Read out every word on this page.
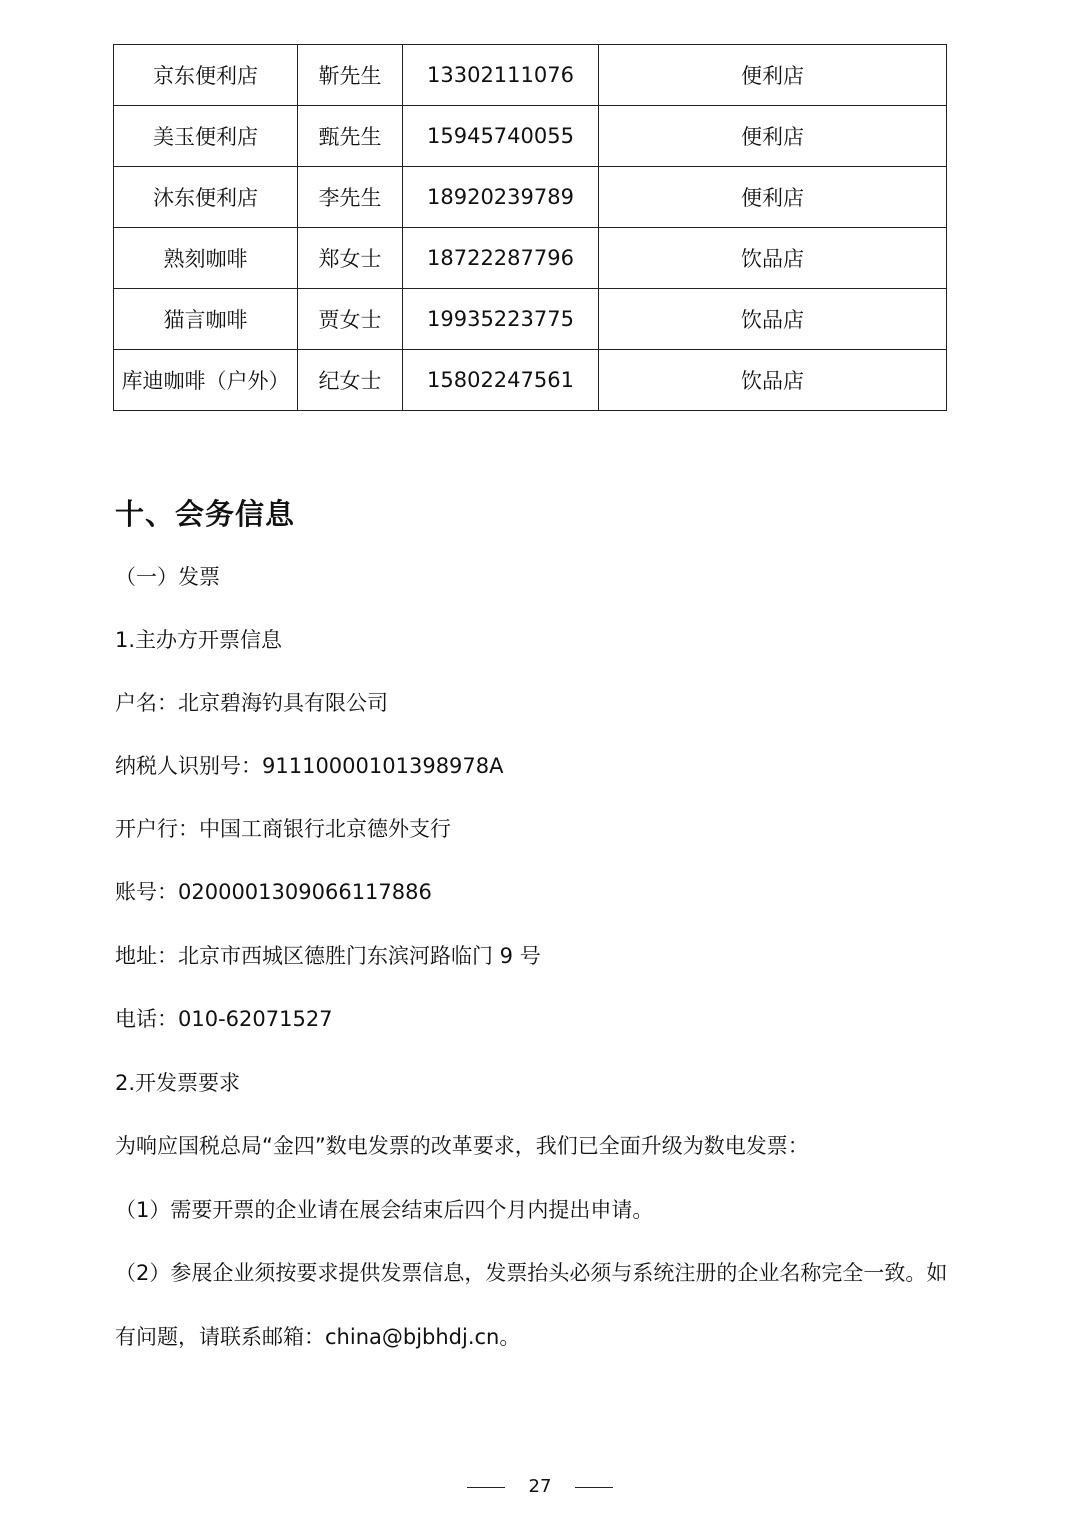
京东便利店	靳先生	13302111076	便利店
美玉便利店	甄先生	15945740055	便利店
沐东便利店	李先生	18920239789	便利店
熟刻咖啡	郑女士	18722287796	饮品店
猫言咖啡	贾女士	19935223775	饮品店
库迪咖啡（户外）	纪女士	15802247561	饮品店
十、会务信息

（一）发票

1.主办方开票信息

户名：北京碧海钓具有限公司

纳税人识别号：91110000101398978A

开户行：中国工商银行北京德外支行

账号：0200001309066117886

地址：北京市西城区德胜门东滨河路临门 9 号

电话：010-62071527

2.开发票要求

为响应国税总局“金四”数电发票的改革要求，我们已全面升级为数电发票：

（1）需要开票的企业请在展会结束后四个月内提出申请。

（2）参展企业须按要求提供发票信息，发票抬头必须与系统注册的企业名称完全一致。如

有问题，请联系邮箱：china@bjbhdj.cn。

27
